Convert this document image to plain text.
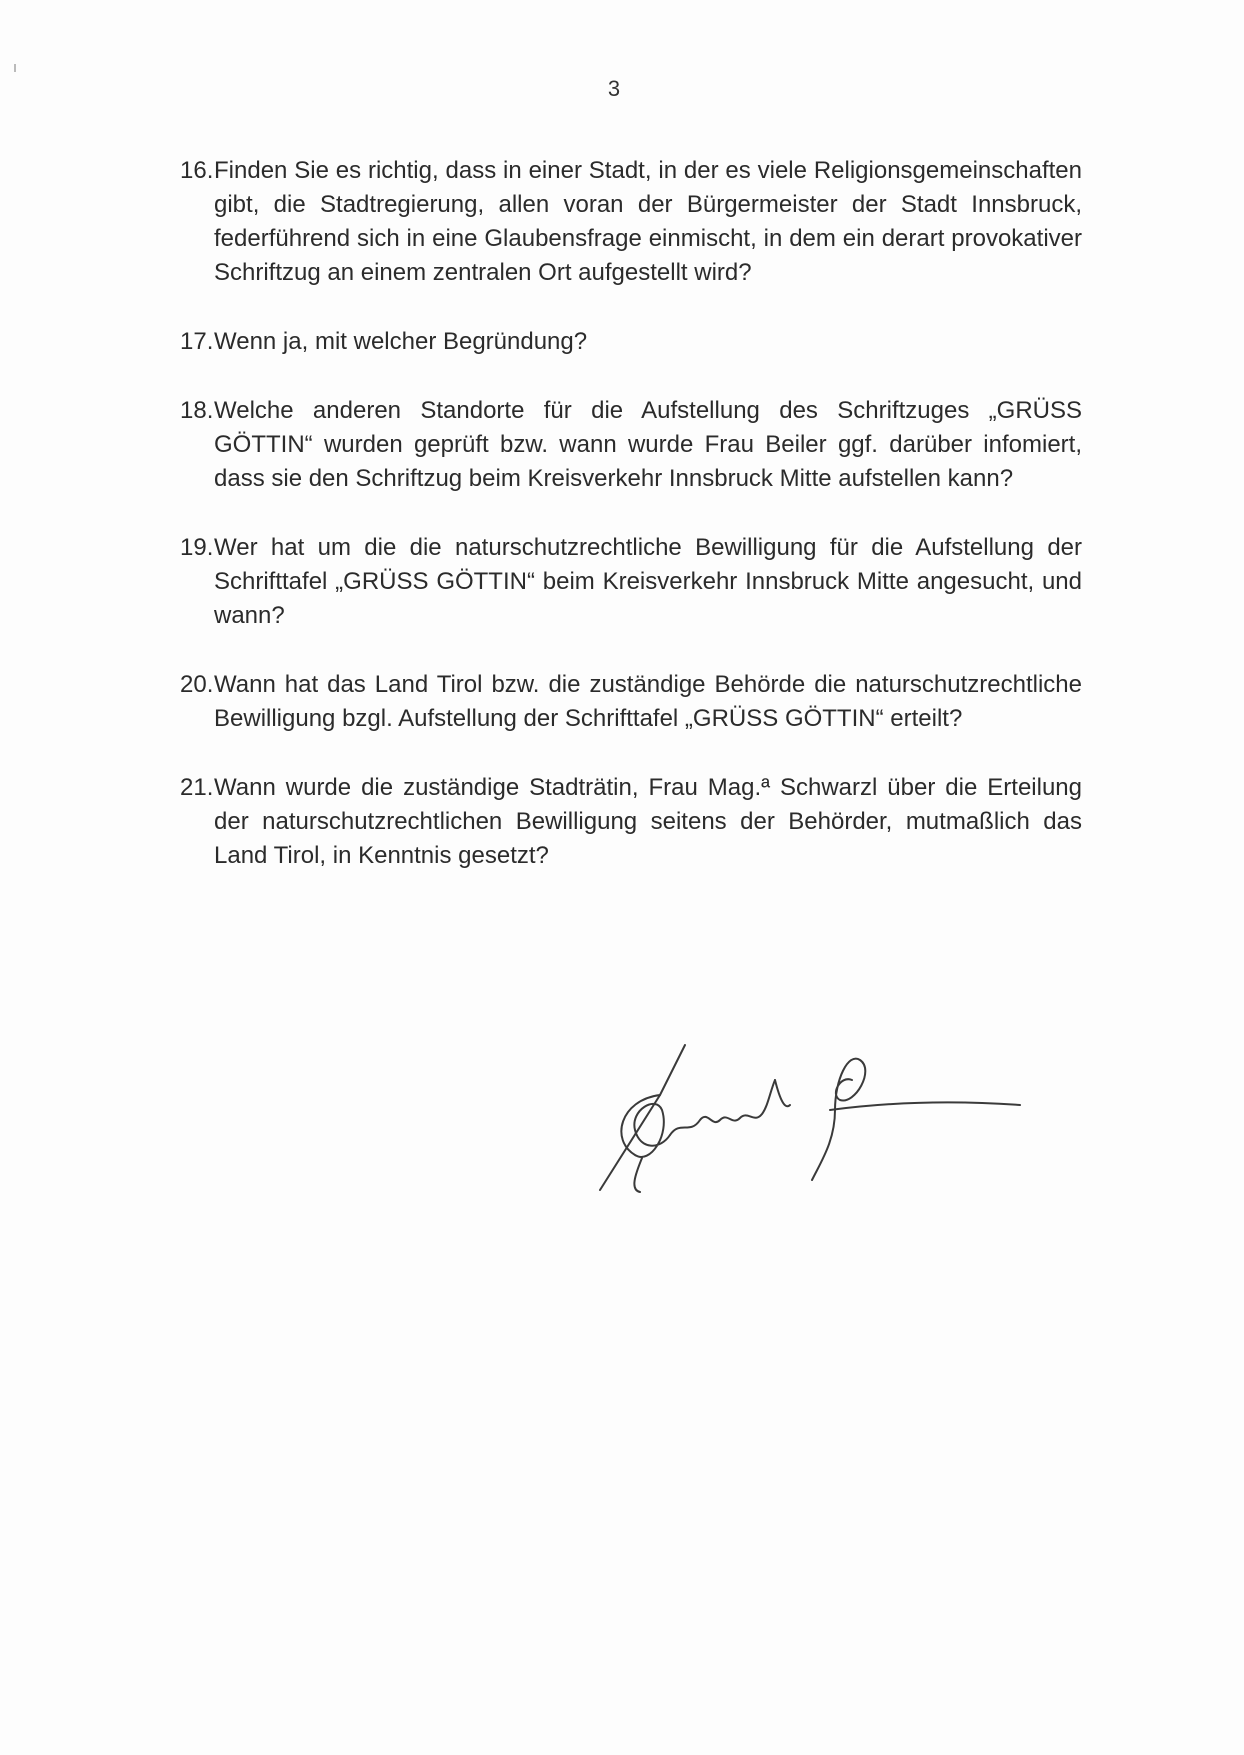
3
16. Finden Sie es richtig, dass in einer Stadt, in der es viele Religionsgemeinschaften gibt, die Stadtregierung, allen voran der Bürgermeister der Stadt Innsbruck, federführend sich in eine Glaubensfrage einmischt, in dem ein derart provokativer Schriftzug an einem zentralen Ort aufgestellt wird?
17. Wenn ja, mit welcher Begründung?
18. Welche anderen Standorte für die Aufstellung des Schriftzuges „GRÜSS GÖTTIN“ wurden geprüft bzw. wann wurde Frau Beiler ggf. darüber infomiert, dass sie den Schriftzug beim Kreisverkehr Innsbruck Mitte aufstellen kann?
19. Wer hat um die die naturschutzrechtliche Bewilligung für die Aufstellung der Schrifttafel „GRÜSS GÖTTIN“ beim Kreisverkehr Innsbruck Mitte angesucht, und wann?
20. Wann hat das Land Tirol bzw. die zuständige Behörde die naturschutzrechtliche Bewilligung bzgl. Aufstellung der Schrifttafel „GRÜSS GÖTTIN“ erteilt?
21. Wann wurde die zuständige Stadträtin, Frau Mag.ª Schwarzl über die Erteilung der naturschutzrechtlichen Bewilligung seitens der Behörder, mutmaßlich das Land Tirol, in Kenntnis gesetzt?
